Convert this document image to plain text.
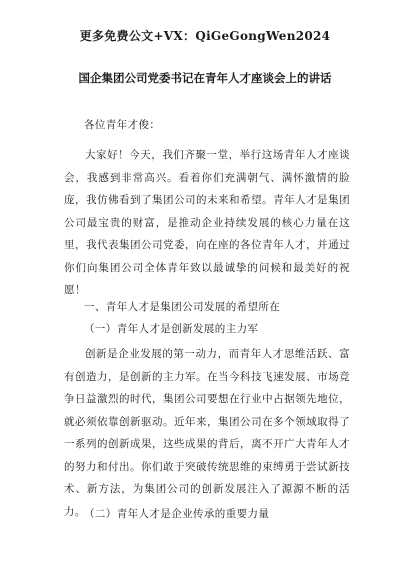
更多免费公文+VX：QiGeGongWen2024
国企集团公司党委书记在青年人才座谈会上的讲话
各位青年才俊：
大家好！今天，我们齐聚一堂，举行这场青年人才座谈会，我感到非常高兴。看着你们充满朝气、满怀激情的脸庞，我仿佛看到了集团公司的未来和希望。青年人才是集团公司最宝贵的财富，是推动企业持续发展的核心力量在这里，我代表集团公司党委，向在座的各位青年人才，并通过你们向集团公司全体青年致以最诚挚的问候和最美好的祝愿！
一、青年人才是集团公司发展的希望所在
（一）青年人才是创新发展的主力军
创新是企业发展的第一动力，而青年人才思维活跃、富有创造力，是创新的主力军。在当今科技飞速发展、市场竞争日益激烈的时代，集团公司要想在行业中占据领先地位，就必须依靠创新驱动。近年来，集团公司在多个领域取得了一系列的创新成果，这些成果的背后，离不开广大青年人才的努力和付出。你们敢于突破传统思维的束缚勇于尝试新技术、新方法，为集团公司的创新发展注入了源源不断的活力。
（二）青年人才是企业传承的重要力量
